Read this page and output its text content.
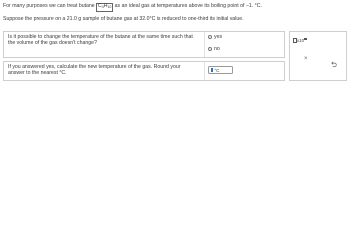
For many purposes we can treat butane $C_4H_{10}$ as an ideal gas at temperatures above its boiling point of −1. °C.
Suppose the pressure on a 21.0 g sample of butane gas at 32.0°C is reduced to one-third its initial value.
Is it possible to change the temperature of the butane at the same time such that the volume of the gas doesn't change?
yes
no
If you answered yes, calculate the new temperature of the gas. Round your answer to the nearest °C.	°C
x10
×
